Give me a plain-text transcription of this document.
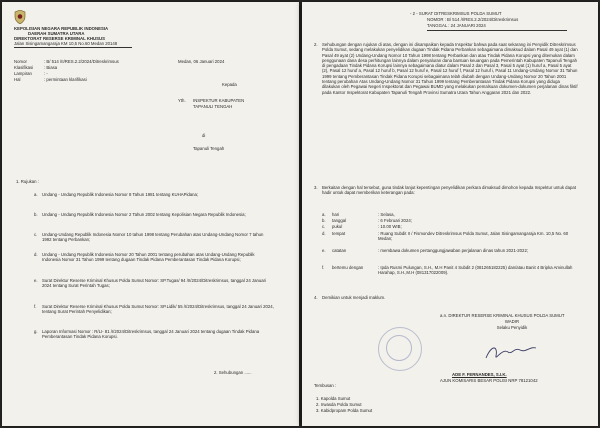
KEPOLISIAN NEGARA REPUBLIK INDONESIA
DAERAH SUMATRA UTARA
DIREKTORAT RESERSE KRIMINAL KHUSUS
Jalan Sisingamangaraja KM 10,5 No.60 Medan 20148
Nomor	: B/ 514 /II/RES.2.2/2024/Ditreskrimsus	Medan, 06 Januari 2024
Klasifikasi	: Biasa
Lampiran	: -
Hal	: permintaan klarifikasi
Kepada
Yth. INSPEKTUR KABUPATEN
TAPANULI TENGAH
di
Tapanuli Tengah
1. Rujukan :
a. Undang - Undang Republik Indonesia Nomor 8 Tahun 1981 tentang KUHAPidana;
b. Undang - Undang Republik Indonesia Nomor 2 Tahun 2002 tentang Kepolisian Negara Republik Indonesia;
c. Undang-Undang Republik Indonesia Nomor 10 tahun 1998 tentang Perubahan atas Undang-Undang Nomor 7 tahun 1992 tentang Perbankan;
d. Undang - Undang Republik Indonesia Nomor 20 Tahun 2001 tentang perubahan atas Undang-Undang Republik Indonesia Nomor 31 Tahun 1999 tentang dugaan Tindak Pidana Pemberantasan Tindak Pidana Korupsi;
e. Surat Direktur Reserse Kriminal Khusus Polda Sumut Nomor: SP.Tugas/ 94 /II/2024/Ditreskrimsus, tanggal 24 Januari 2024 tentang Surat Perintah Tugas;
f. Surat Direktur Reserse Kriminal Khusus Polda Sumut Nomor: SP.Lidik/ 55 /I/2024/Ditreskrimsus, tanggal 24 Januari 2024, tentang Surat Perintah Penyelidikan;
g. Laporan Informasi Nomor : R/LI- 81 /I/2024/Ditreskrimsus, tanggal 24 Januari 2024 tentang dugaan Tindak Pidana Pemberantasan Tindak Pidana Korupsi.
2. Sehubungan ......
- 2 - SURAT DITRESKRIMSUS POLDA SUMUT
NOMOR : B/ 514 /I/RES.2.2/2024/Ditreskrimsus
TANGGAL : 24 JANUARI 2024
2. Sehubungan dengan rujukan di atas, dengan ini disampaikan kepada Inspektur bahwa pada saat sekarang ini Penyidik Ditreskrimsus Polda Sumut, sedang melakukan penyelidikan dugaan Tindak Pidana Perbankan sebagaimana dimaksud dalam Pasal 49 ayat (1) dan Pasal 49 ayat (2) Undang-Undang Nomor 10 Tahun 1998 tentang Perbankan dan atau Tindak Pidana Korupsi yang ditemukan dalam penggunaan dana desa perhitungan lainnya dalam penyaluran dana bantuan keuangan pada Pemerintah Kabupaten Tapanuli Tengah di pengadaan Tindak Pidana Korupsi lainnya sebagaimana diatur dalam Pasal 2 dan Pasal 3, Pasal 5 ayat (1) huruf a, Pasal 5 ayat (2), Pasal 12 huruf a, Pasal 12 huruf b, Pasal 12 huruf e, Pasal 12 huruf f, Pasal 12 huruf i, Pasal 11 Undang-Undang Nomor 31 Tahun 1999 tentang Pemberantasan Tindak Pidana Korupsi sebagaimana telah diubah dengan Undang-Undang Nomor 20 Tahun 2001 tentang perubahan Atas Undang-Undang Nomor 31 Tahun 1999 tentang Pemberantasan Tindak Pidana Korupsi yang diduga dilakukan oleh Pegawai Negeri Inspektorat dan Pegawai BUMD yang melakukan pemalsuan dokumen-dokumen perjalanan dinas fiktif pada Kantor Inspektorat Kabupaten Tapanuli Tengah Provinsi Sumatra Utara Tahun Anggaran 2021 dan 2022.
3. Berkaitan dengan hal tersebut, guna tindak lanjut kepentingan penyelidikan perkara dimaksud dimohon kepada Inspektur untuk dapat hadir untuk dapat memberikan keterangan pada:
a. hari	: Selasa,
b. tanggal	: 6 Februari 2024;
c. pukul	: 10.00 WIB;
d. tempat	: Ruang Subdit II / Fismondev Ditreskrimsus Polda Sumut, Jalan Sisingamangaraja Km. 10,5 No. 60 Medan;
e. catatan	: membawa dokumen pertanggungjawaban perjalanan dinas tahun 2021-2022;
f. bertemu dengan	: Ipda Rusmi Pulungan, S.H., M.H Panit 4 Subdit 2 (081265182225) dan/atau Banit 4 Bripka Aminullah Harahap, S.H.,M.H (081317022009).
4. Demikian untuk menjadi maklum.
a.n. DIREKTUR RESERSE KRIMINAL KHUSUS POLDA SUMUT
WADIR
Selaku Penyidik
ADE F. FERNANDES, S.I.K.
AJUN KOMISARIS BESAR POLISI NRP 78121042
Tembusan :
1. Kapolda Sumut
2. Irwasda Polda Sumut
3. Kabidpropam Polda Sumut
